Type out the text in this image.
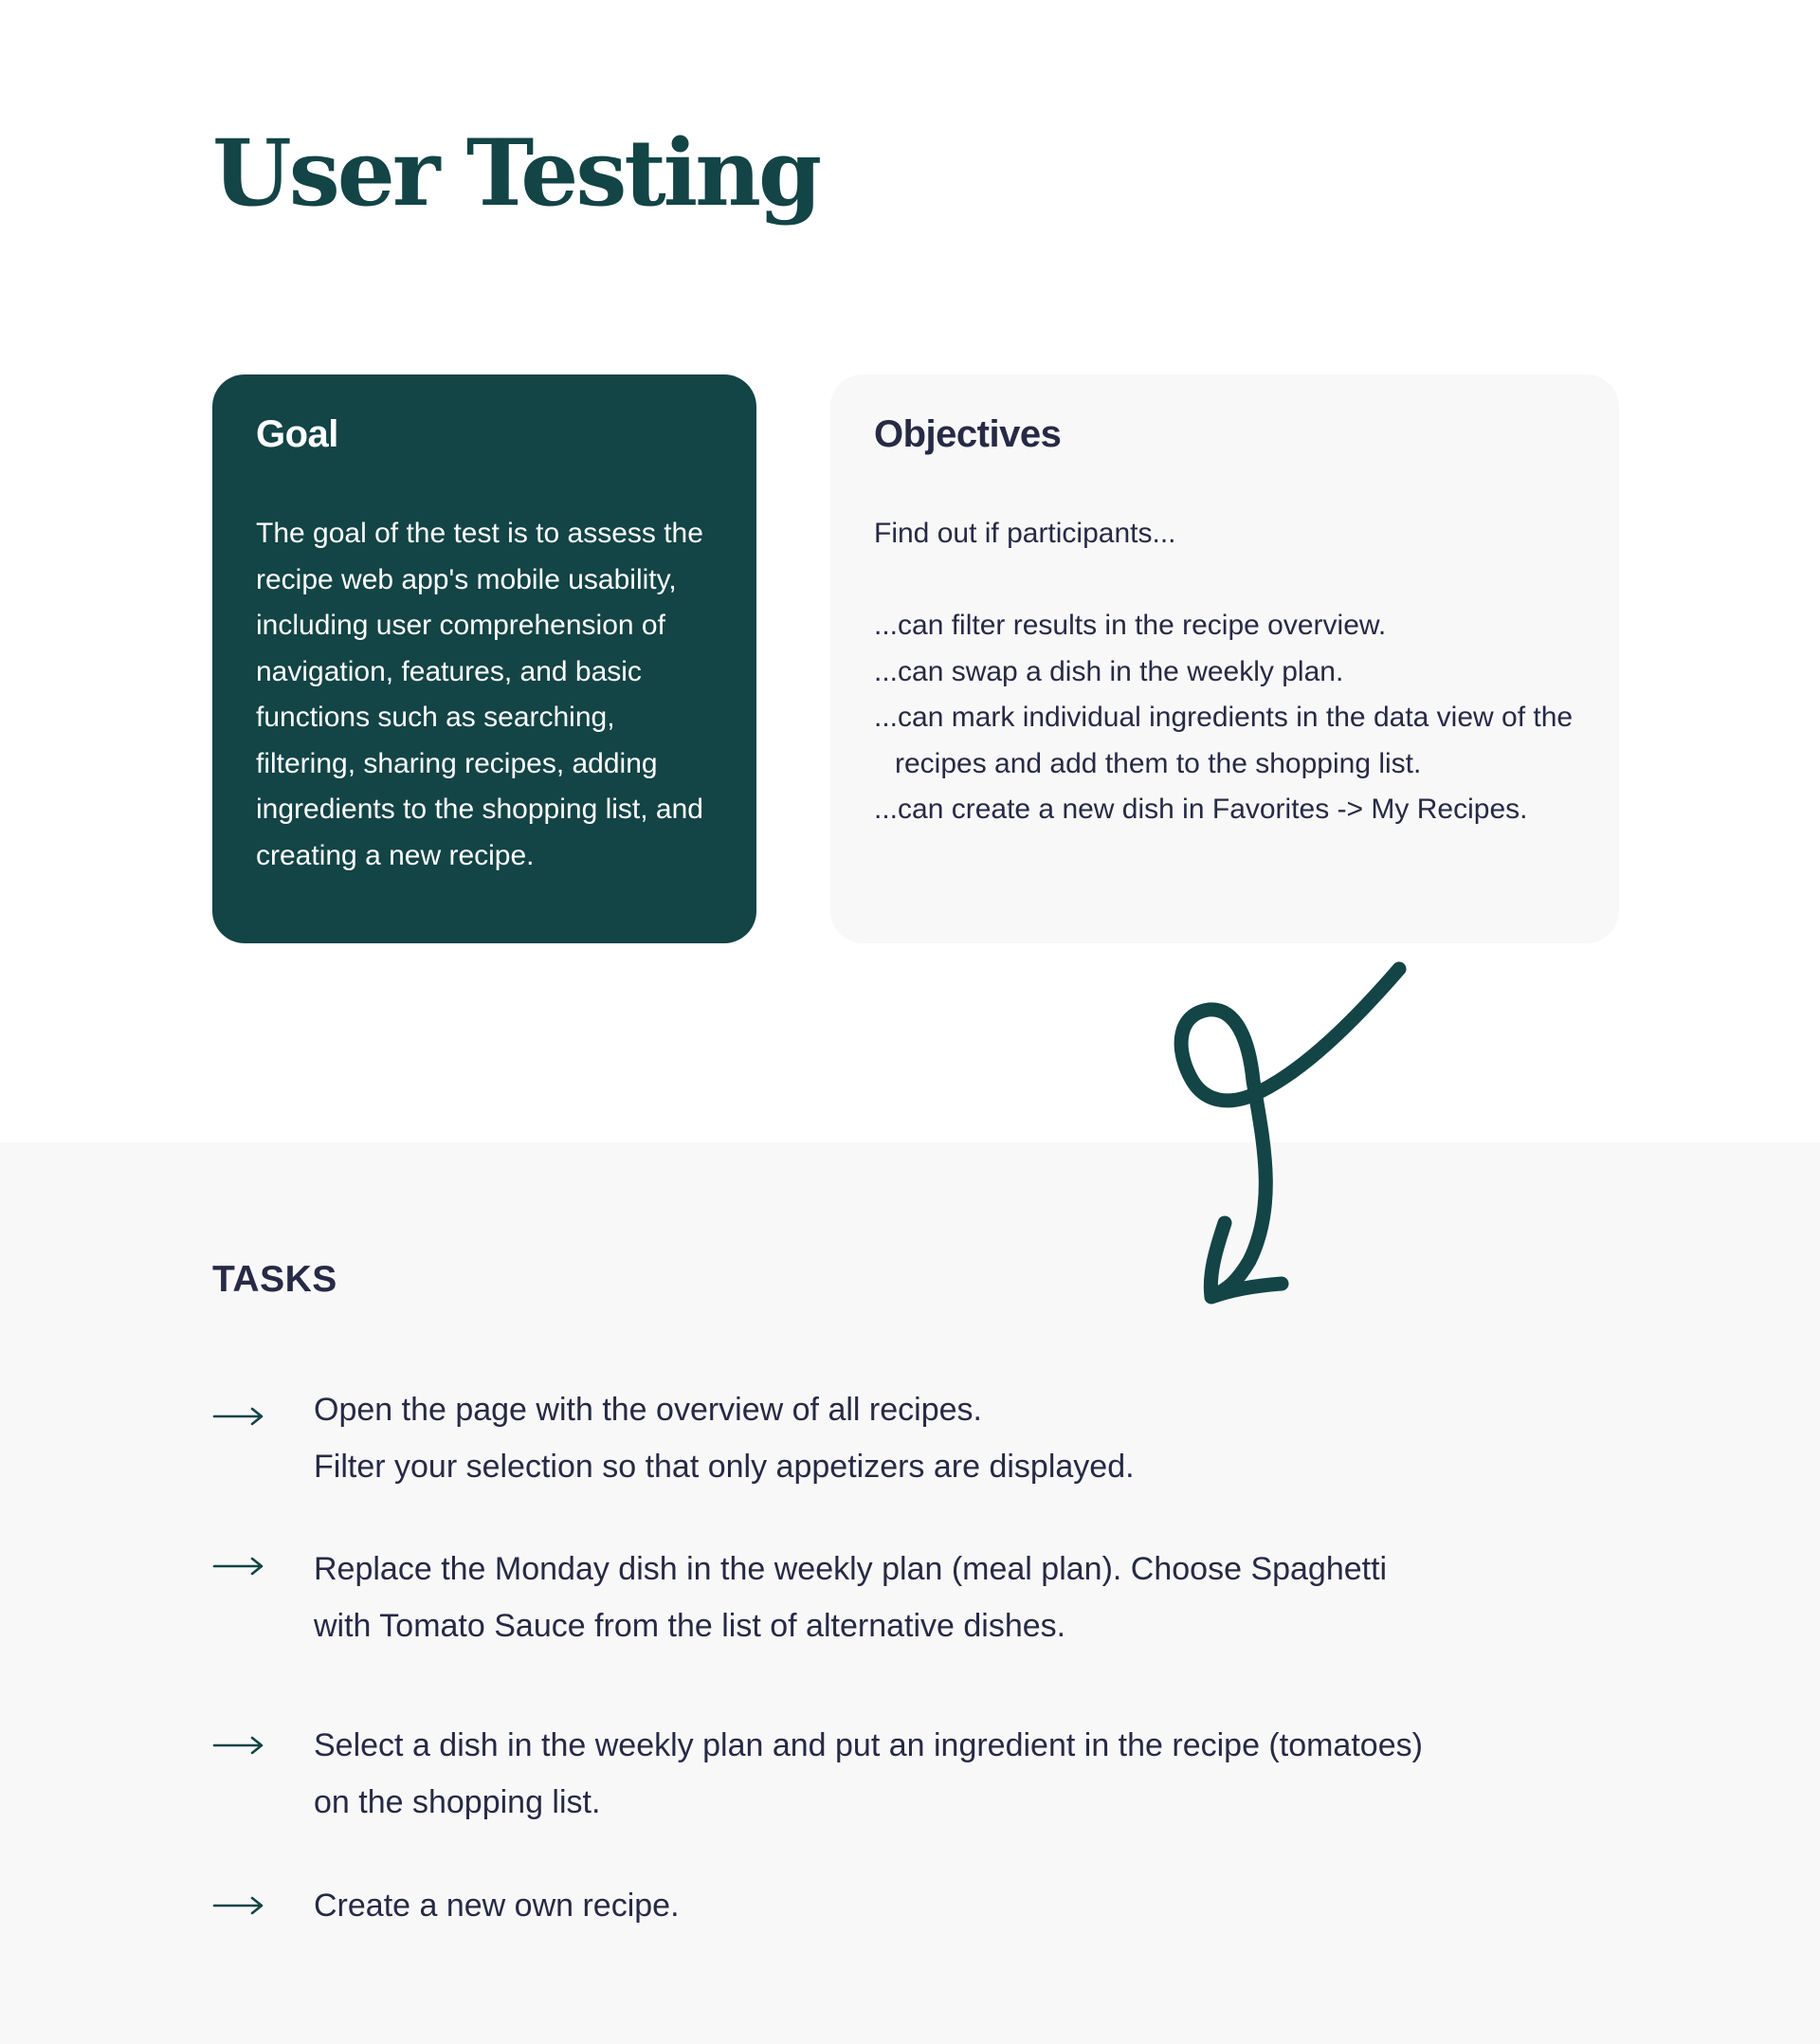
User Testing
Goal

The goal of the test is to assess the

recipe web app's mobile usability,

including user comprehension of

navigation, features, and basic

functions such as searching,

filtering, sharing recipes, adding

ingredients to the shopping list, and

creating a new recipe.

Objectives

Find out if participants...

...can filter results in the recipe overview.
...can swap a dish in the weekly plan.
...can mark individual ingredients in the data view of the recipes and add them to the shopping list.
...can create a new dish in Favorites -> My Recipes.
TASKS

Open the page with the overview of all recipes.
Filter your selection so that only appetizers are displayed.

Replace the Monday dish in the weekly plan (meal plan). Choose Spaghetti
with Tomato Sauce from the list of alternative dishes.

Select a dish in the weekly plan and put an ingredient in the recipe (tomatoes)
on the shopping list.

Create a new own recipe.
